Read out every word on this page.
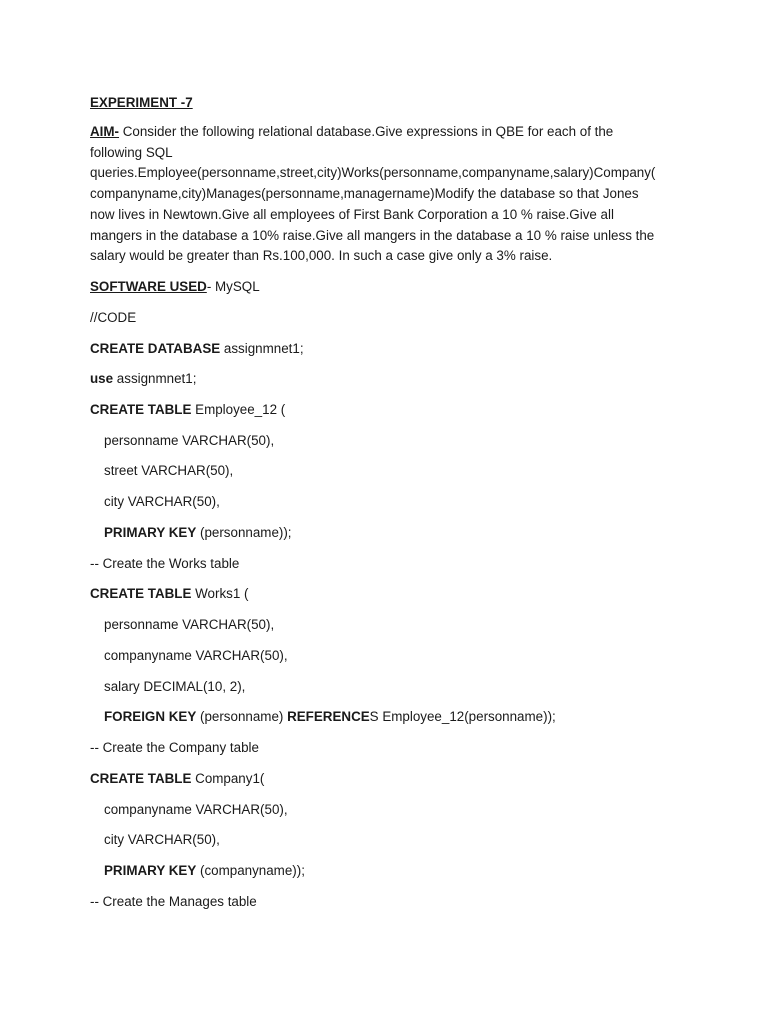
EXPERIMENT -7
AIM- Consider the following relational database.Give expressions in QBE for each of the
following SQL
queries.Employee(personname,street,city)Works(personname,companyname,salary)Company(
companyname,city)Manages(personname,managername)Modify the database so that Jones
now lives in Newtown.Give all employees of First Bank Corporation a 10 % raise.Give all
mangers in the database a 10% raise.Give all mangers in the database a 10 % raise unless the
salary would be greater than Rs.100,000. In such a case give only a 3% raise.
SOFTWARE USED- MySQL
//CODE
CREATE DATABASE assignmnet1;
use assignmnet1;
CREATE TABLE Employee_12 (
personname VARCHAR(50),
street VARCHAR(50),
city VARCHAR(50),
PRIMARY KEY (personname));
-- Create the Works table
CREATE TABLE Works1 (
personname VARCHAR(50),
companyname VARCHAR(50),
salary DECIMAL(10, 2),
FOREIGN KEY (personname) REFERENCES Employee_12(personname));
-- Create the Company table
CREATE TABLE Company1(
companyname VARCHAR(50),
city VARCHAR(50),
PRIMARY KEY (companyname));
-- Create the Manages table
